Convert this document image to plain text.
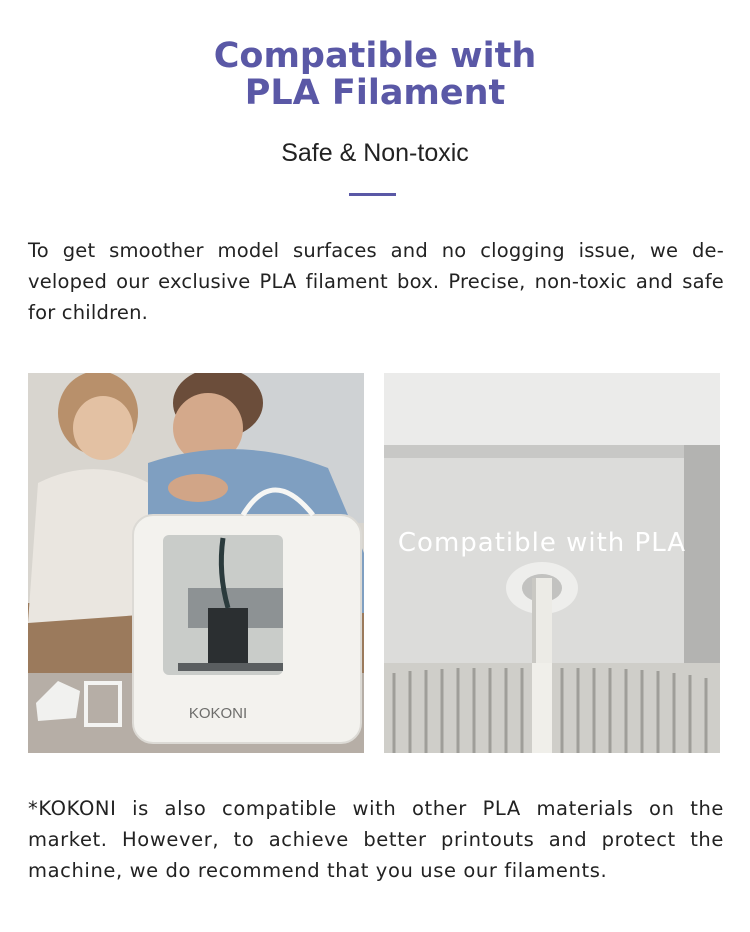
Compatible with
PLA Filament
Safe & Non-toxic
To get smoother model surfaces and no clogging issue, we de-veloped our exclusive PLA filament box. Precise, non-toxic and safe for children.
KOKONI
Compatible with PLA
*KOKONI is also compatible with other PLA materials on the market. However, to achieve better printouts and protect the machine, we do recommend that you use our filaments.
